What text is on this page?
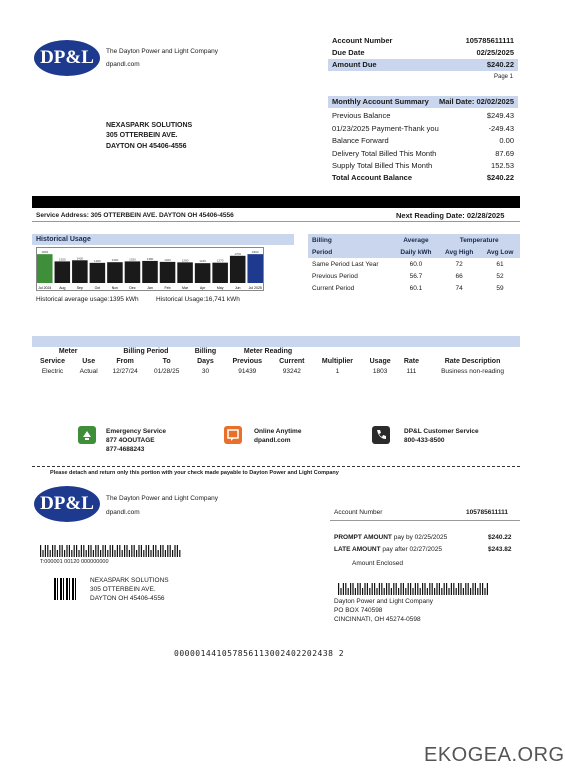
DP&L	The Dayton Power and Light Company
dpandl.com
Account Number	105785611111
Due Date	02/25/2025
Amount Due	$240.22
Page 1
NEXASPARK SOLUTIONS
305 OTTERBEIN AVE.
DAYTON OH 45406-4556
Monthly Account Summary Mail Date: 02/02/2025
Previous Balance	$249.43
01/23/2025 Payment-Thank you	-249.43
Balance Forward	0.00
Delivery Total Billed This Month	87.69
Supply Total Billed This Month	152.53
Total Account Balance	$240.22
Service Address: 305 OTTERBEIN AVE. DAYTON OH 45406-4556	Next Reading Date: 02/28/2025
Historical Usage
Jul 2024
1803
Aug
1350
Sep
1420
Oct
1260
Nov
1300
Dec
1350
Jan
1380
Feb
1320
Mar
1290
Apr
1240
May
1270
Jun
1700
Jul 2025
1803
Historical average usage:1395 kWh	Historical Usage:16,741 kWh
Billing	Average	Temperature	
Period	Daily kWh	Avg High	Avg Low
Same Period Last Year	60.0	72	61
Previous Period	56.7	66	52
Current Period	60.1	74	59
Meter		Billing Period		Billing	Meter Reading					
Service	Use	From	To	Days	Previous	Current	Multiplier	Usage	Rate	Rate Description
Electric	Actual	12/27/24	01/28/25	30	91439	93242	1	1803	111	Business non-reading
Emergency Service
877 4OOUTAGE
877-4688243
Online Anytime
dpandl.com
DP&L Customer Service
800-433-8500
Please detach and return only this portion with your check made payable to Dayton Power and Light Company
DP&L	The Dayton Power and Light Company
dpandl.com	Account Number	105785611111
PROMPT AMOUNT pay by 02/25/2025	$240.22
LATE AMOUNT pay after 02/27/2025	$243.82
Amount Enclosed
T:000001 00120 000000000
NEXASPARK SOLUTIONS
305 OTTERBEIN AVE.
DAYTON OH 45406-4556	Dayton Power and Light Company
PO BOX 740598
CINCINNATI, OH 45274-0598
000001441057856113002402202438 2
EKOGEA.ORG
